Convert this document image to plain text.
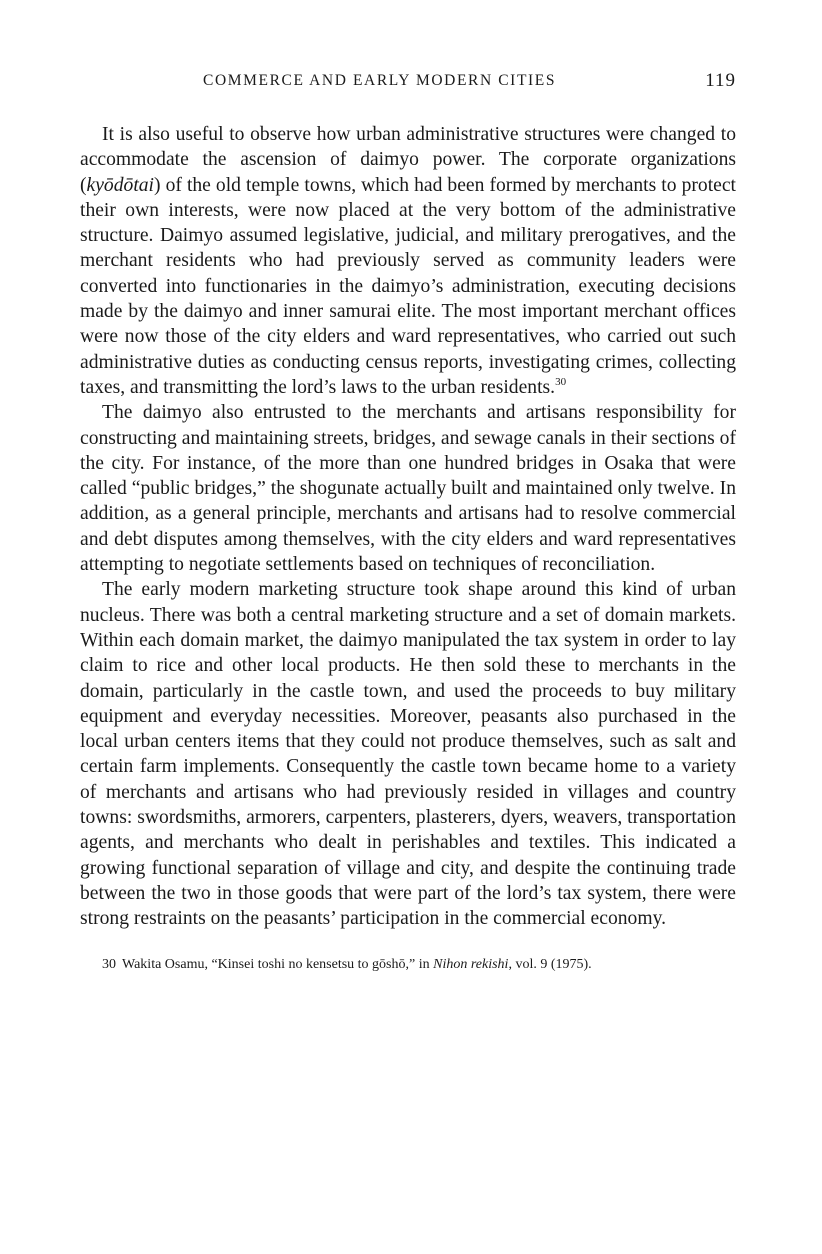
COMMERCE AND EARLY MODERN CITIES	119

It is also useful to observe how urban administrative structures were changed to accommodate the ascension of daimyo power. The corporate organizations (kyōdōtai) of the old temple towns, which had been formed by merchants to protect their own interests, were now placed at the very bottom of the administrative structure. Daimyo assumed legislative, judicial, and military prerogatives, and the merchant residents who had previously served as community leaders were converted into functionaries in the daimyo’s administration, executing decisions made by the daimyo and inner samurai elite. The most important merchant offices were now those of the city elders and ward representatives, who carried out such administrative duties as conducting census reports, investigating crimes, collecting taxes, and transmitting the lord’s laws to the urban residents.$^{30}$

The daimyo also entrusted to the merchants and artisans responsibility for constructing and maintaining streets, bridges, and sewage canals in their sections of the city. For instance, of the more than one hundred bridges in Osaka that were called “public bridges,” the shogunate actually built and maintained only twelve. In addition, as a general principle, merchants and artisans had to resolve commercial and debt disputes among themselves, with the city elders and ward representatives attempting to negotiate settlements based on techniques of reconciliation.

The early modern marketing structure took shape around this kind of urban nucleus. There was both a central marketing structure and a set of domain markets. Within each domain market, the daimyo manipulated the tax system in order to lay claim to rice and other local products. He then sold these to merchants in the domain, particularly in the castle town, and used the proceeds to buy military equipment and everyday necessities. Moreover, peasants also purchased in the local urban centers items that they could not produce themselves, such as salt and certain farm implements. Consequently the castle town became home to a variety of merchants and artisans who had previously resided in villages and country towns: swordsmiths, armorers, carpenters, plasterers, dyers, weavers, transportation agents, and merchants who dealt in perishables and textiles. This indicated a growing functional separation of village and city, and despite the continuing trade between the two in those goods that were part of the lord’s tax system, there were strong restraints on the peasants’ participation in the commercial economy.

30 Wakita Osamu, “Kinsei toshi no kensetsu to gōshō,” in Nihon rekishi, vol. 9 (1975).
